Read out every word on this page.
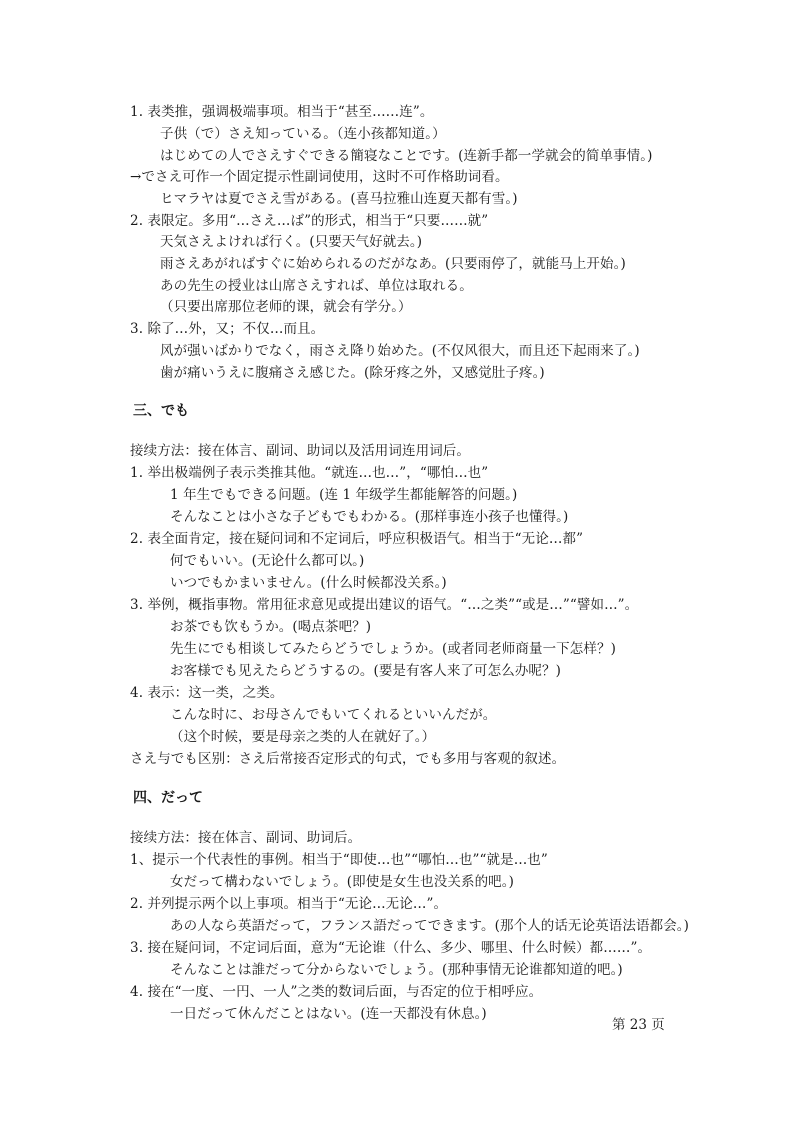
1. 表类推，强调极端事项。相当于“甚至……连”。
子供（で）さえ知っている。（连小孩都知道。）
はじめての人でさえすぐできる簡寝なことです。(连新手都一学就会的简单事情。)
→でさえ可作一个固定提示性副词使用，这时不可作格助词看。
ヒマラヤは夏でさえ雪がある。(喜马拉雅山连夏天都有雪。)
2. 表限定。多用“…さえ…ば”的形式，相当于“只要……就”
天気さえよければ行く。(只要天气好就去。)
雨さえあがればすぐに始められるのだがなあ。(只要雨停了，就能马上开始。)
あの先生の授业は山席さえすれば、单位は取れる。
（只要出席那位老师的课，就会有学分。）
3. 除了…外，又；不仅…而且。
风が强いばかりでなく，雨さえ降り始めた。(不仅风很大，而且还下起雨来了。)
歯が痛いうえに腹痛さえ感じた。(除牙疼之外，又感觉肚子疼。)
三、でも
接续方法：接在体言、副词、助词以及活用词连用词后。
1. 举出极端例子表示类推其他。“就连…也…”，“哪怕…也”
1 年生でもできる问题。(连 1 年级学生都能解答的问题。)
そんなことは小さな子どもでもわかる。(那样事连小孩子也懂得。)
2. 表全面肯定，接在疑问词和不定词后，呼应积极语气。相当于“无论…都”
何でもいい。(无论什么都可以。)
いつでもかまいません。(什么时候都没关系。)
3. 举例，概指事物。常用征求意见或提出建议的语气。“…之类”“或是…”“譬如…”。
お茶でも饮もうか。(喝点茶吧？)
先生にでも相谈してみたらどうでしょうか。(或者同老师商量一下怎样？)
お客様でも见えたらどうするの。(要是有客人来了可怎么办呢？)
4. 表示：这一类，之类。
こんな时に、お母さんでもいてくれるといいんだが。
（这个时候，要是母亲之类的人在就好了。）
さえ与でも区别：さえ后常接否定形式的句式，でも多用与客观的叙述。
四、だって
接续方法：接在体言、副词、助词后。
1、提示一个代表性的事例。相当于“即使…也”“哪怕…也”“就是…也”
女だって構わないでしょう。(即使是女生也没关系的吧。)
2. 并列提示两个以上事项。相当于“无论…无论…”。
あの人なら英語だって，フランス語だってできます。(那个人的话无论英语法语都会。)
3. 接在疑问词，不定词后面，意为“无论谁（什么、多少、哪里、什么时候）都……”。
そんなことは誰だって分からないでしょう。(那种事情无论谁都知道的吧。)
4. 接在“一度、一円、一人”之类的数词后面，与否定的位于相呼应。
一日だって休んだことはない。(连一天都没有休息。)
第 23 页
